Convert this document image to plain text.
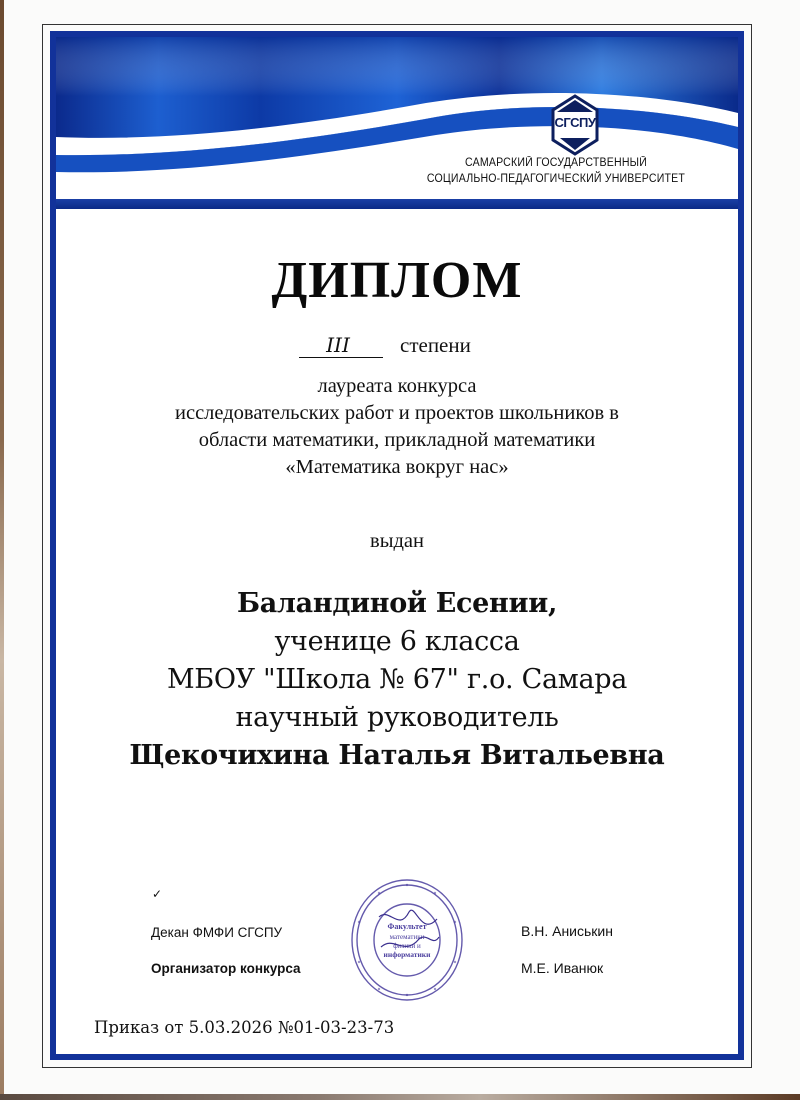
СГСПУ
САМАРСКИЙ ГОСУДАРСТВЕННЫЙ
СОЦИАЛЬНО-ПЕДАГОГИЧЕСКИЙ УНИВЕРСИТЕТ
ДИПЛОМ
III степени
лауреата конкурса
исследовательских работ и проектов школьников в
области математики, прикладной математики
«Математика вокруг нас»
выдан
Баландиной Есении,
ученице 6 класса
МБОУ "Школа № 67" г.о. Самара
научный руководитель
Щекочихина Наталья Витальевна
✓
Декан ФМФИ СГСПУ
Организатор конкурса
В.Н. Аниськин
М.Е. Иванюк
Факультет
математики
физики и
информатики
Приказ от 5.03.2026 №01-03-23-73
